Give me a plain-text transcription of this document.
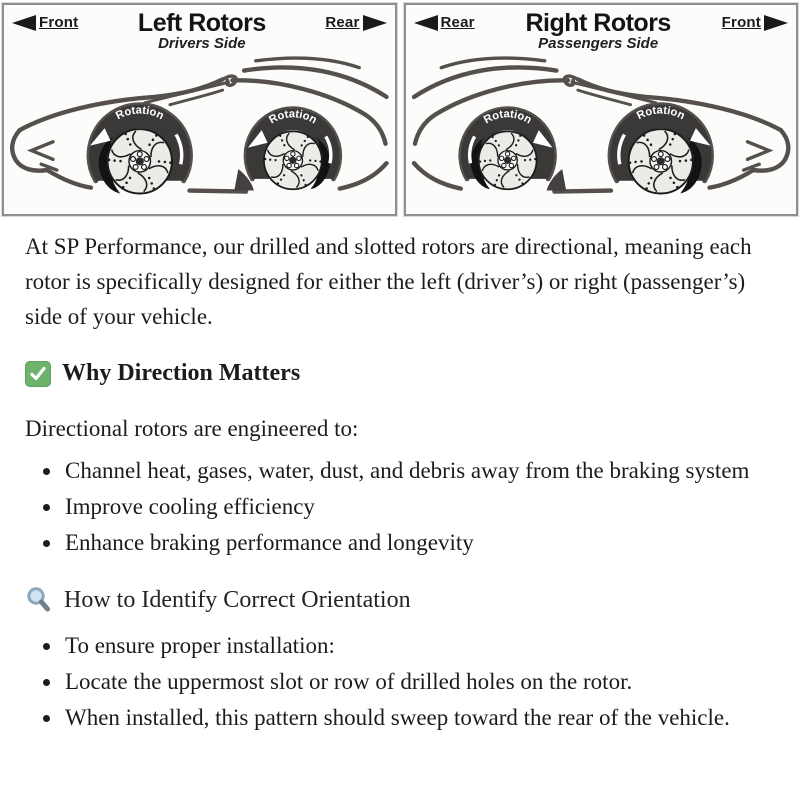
Front	Left Rotors
Drivers Side
Rear
Rotation	Rotation
Rear	Right Rotors
Passengers Side
Front
Rotation
Rotation

At SP Performance, our drilled and slotted rotors are directional, meaning each rotor is specifically designed for either the left (driver’s) or right (passenger’s) side of your vehicle.

Why Direction Matters

Directional rotors are engineered to:

• Channel heat, gases, water, dust, and debris away from the braking system
• Improve cooling efficiency
• Enhance braking performance and longevity
How to Identify Correct Orientation
• To ensure proper installation:
• Locate the uppermost slot or row of drilled holes on the rotor.
• When installed, this pattern should sweep toward the rear of the vehicle.
